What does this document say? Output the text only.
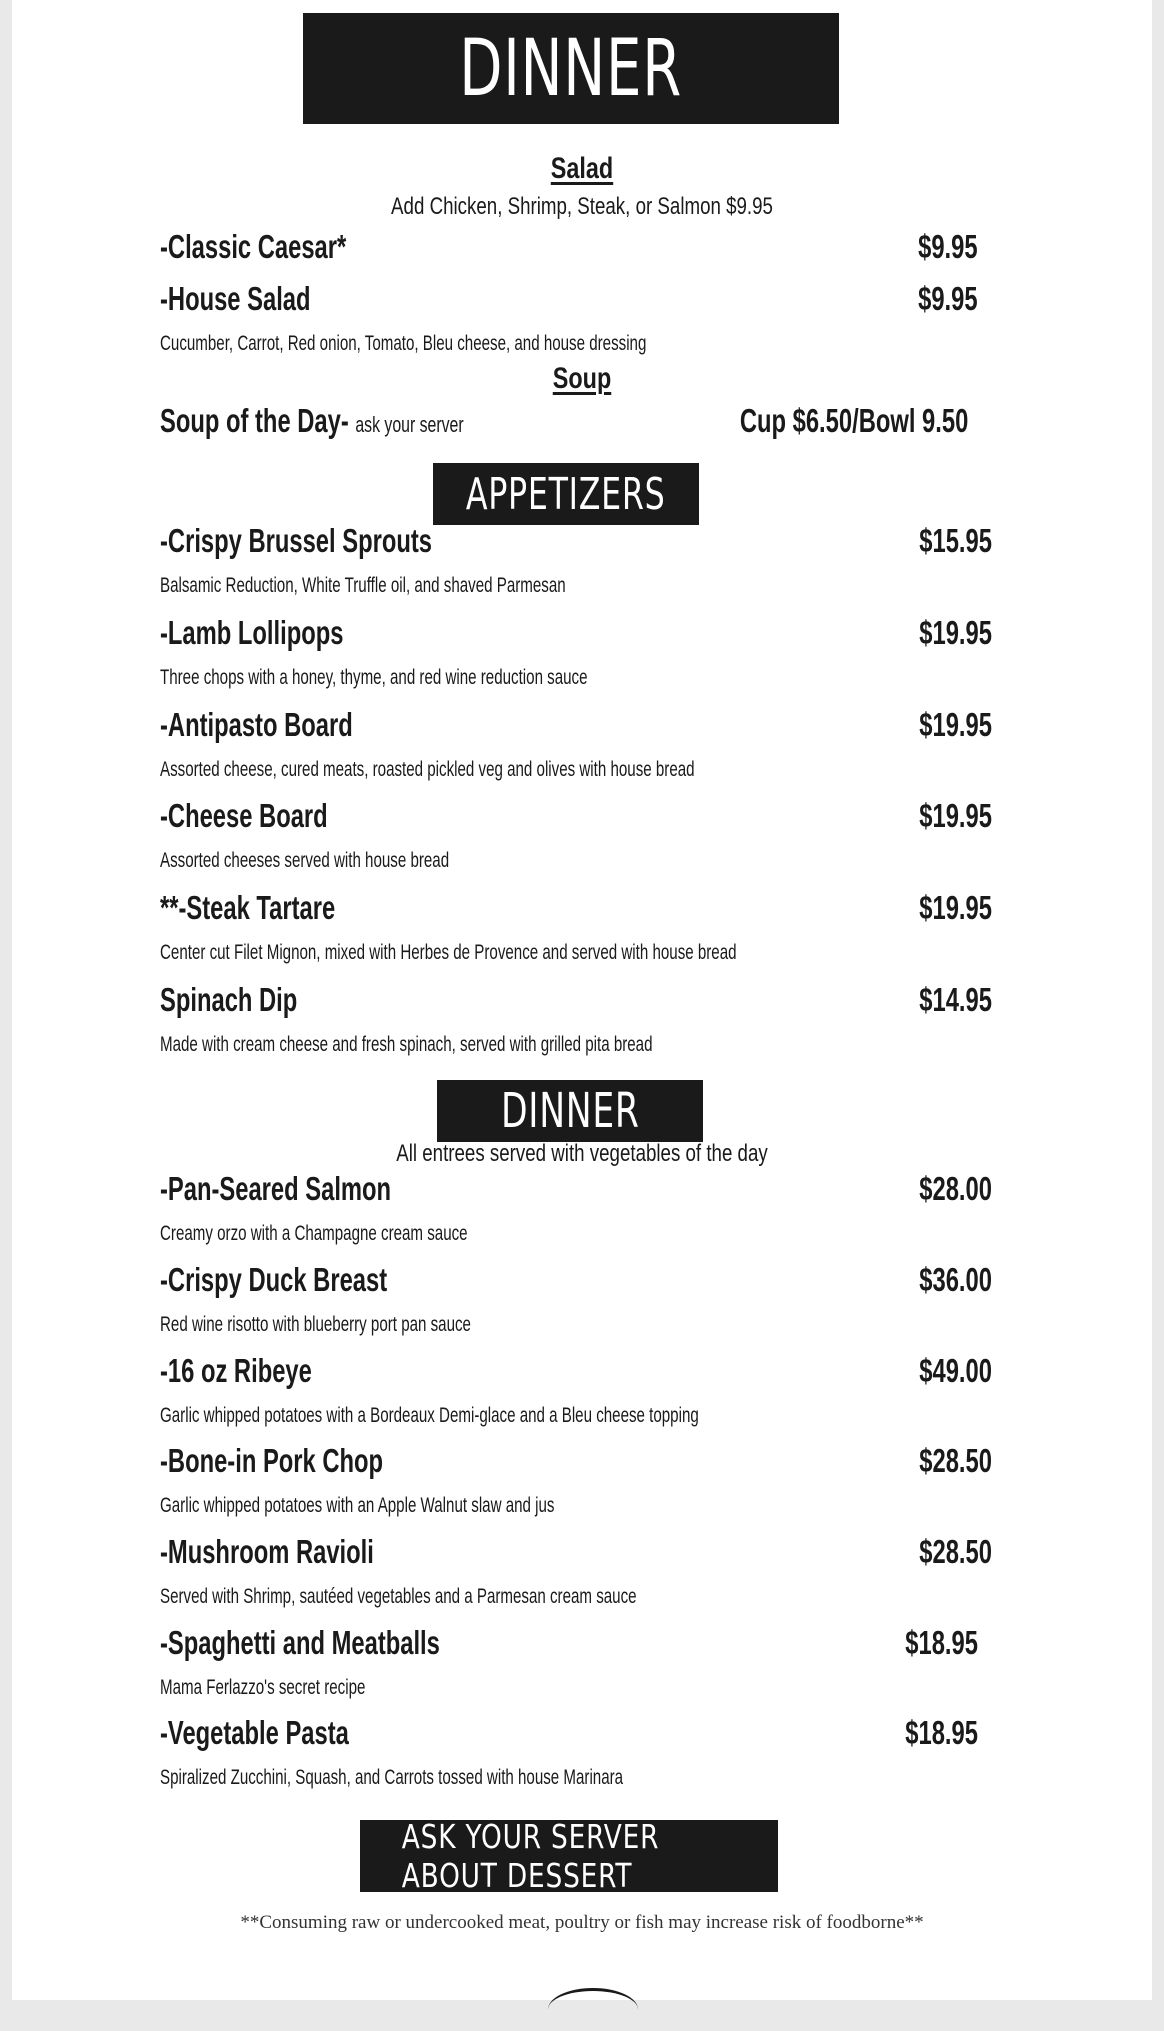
DINNER
Salad
Add Chicken, Shrimp, Steak, or Salmon $9.95
-Classic Caesar*	$9.95
-House Salad	$9.95
Cucumber, Carrot, Red onion, Tomato, Bleu cheese, and house dressing
Soup
Soup of the Day- ask your server	Cup $6.50/Bowl 9.50
APPETIZERS
-Crispy Brussel Sprouts	$15.95
Balsamic Reduction, White Truffle oil, and shaved Parmesan
-Lamb Lollipops	$19.95
Three chops with a honey, thyme, and red wine reduction sauce
-Antipasto Board	$19.95
Assorted cheese, cured meats, roasted pickled veg and olives with house bread
-Cheese Board	$19.95
Assorted cheeses served with house bread
**-Steak Tartare	$19.95
Center cut Filet Mignon, mixed with Herbes de Provence and served with house bread
Spinach Dip	$14.95
Made with cream cheese and fresh spinach, served with grilled pita bread
DINNER
All entrees served with vegetables of the day
-Pan-Seared Salmon	$28.00
Creamy orzo with a Champagne cream sauce
-Crispy Duck Breast	$36.00
Red wine risotto with blueberry port pan sauce
-16 oz Ribeye	$49.00
Garlic whipped potatoes with a Bordeaux Demi-glace and a Bleu cheese topping
-Bone-in Pork Chop	$28.50
Garlic whipped potatoes with an Apple Walnut slaw and jus
-Mushroom Ravioli	$28.50
Served with Shrimp, sautéed vegetables and a Parmesan cream sauce
-Spaghetti and Meatballs	$18.95
Mama Ferlazzo's secret recipe
-Vegetable Pasta	$18.95
Spiralized Zucchini, Squash, and Carrots tossed with house Marinara
ASK YOUR SERVER ABOUT DESSERT
**Consuming raw or undercooked meat, poultry or fish may increase risk of foodborne**
